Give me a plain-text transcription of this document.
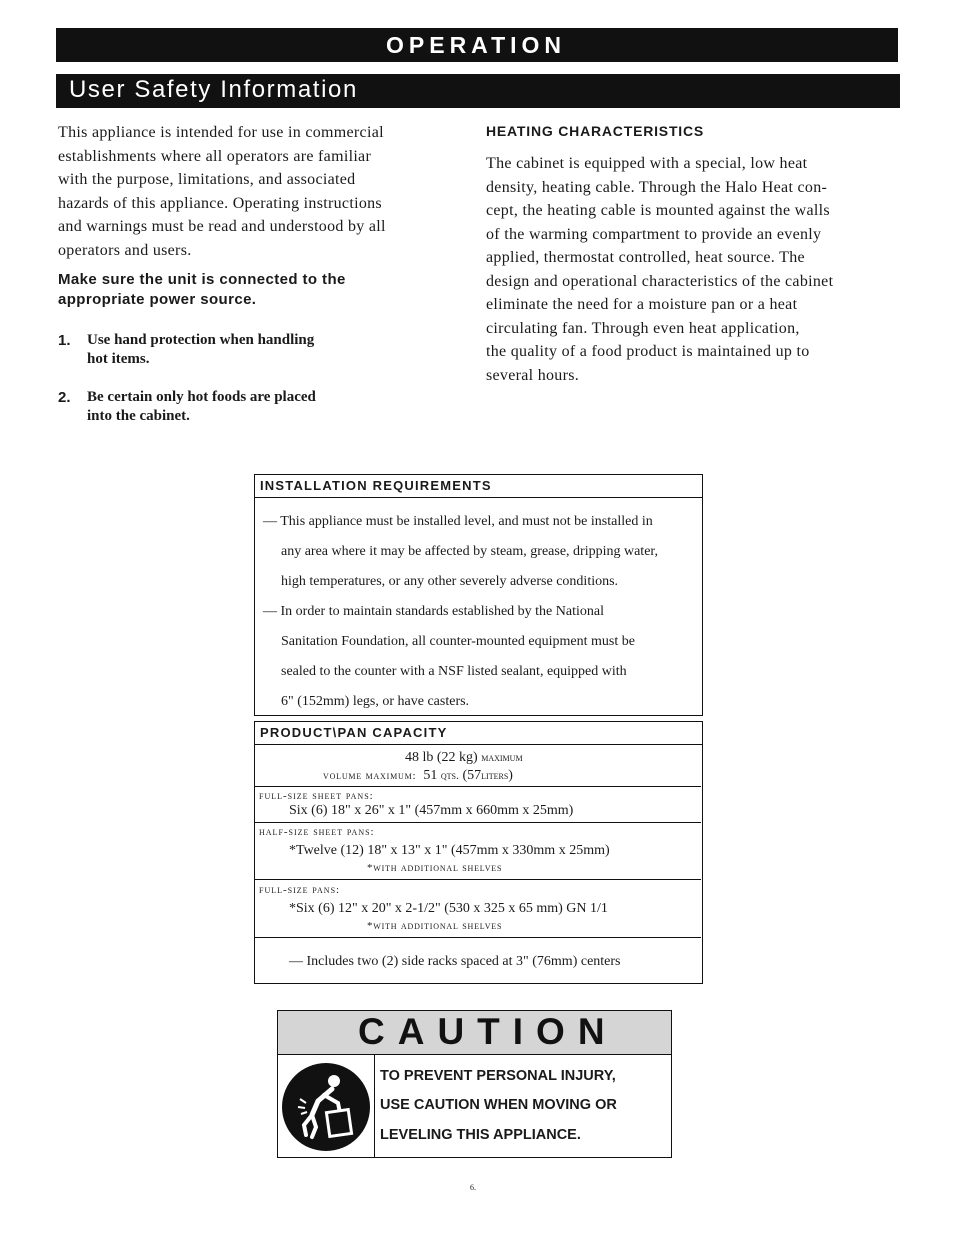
OPERATION
User Safety Information
This appliance is intended for use in commercial
establishments where all operators are familiar
with the purpose, limitations, and associated
hazards of this appliance. Operating instructions
and warnings must be read and understood by all
operators and users.
Make sure the unit is connected to the
appropriate power source.
1. Use hand protection when handling
hot items.
2. Be certain only hot foods are placed
into the cabinet.
HEATING CHARACTERISTICS
The cabinet is equipped with a special, low heat
density, heating cable. Through the Halo Heat con-
cept, the heating cable is mounted against the walls
of the warming compartment to provide an evenly
applied, thermostat controlled, heat source. The
design and operational characteristics of the cabinet
eliminate the need for a moisture pan or a heat
circulating fan. Through even heat application,
the quality of a food product is maintained up to
several hours.
INSTALLATION REQUIREMENTS
— This appliance must be installed level, and must not be installed in
any area where it may be affected by steam, grease, dripping water,
high temperatures, or any other severely adverse conditions.
— In order to maintain standards established by the National
Sanitation Foundation, all counter-mounted equipment must be
sealed to the counter with a NSF listed sealant, equipped with
6" (152mm) legs, or have casters.
PRODUCT\PAN CAPACITY
48 lb (22 kg) maximum
volume maximum: 51 qts. (57liters)
full-size sheet pans:
Six (6) 18" x 26" x 1" (457mm x 660mm x 25mm)
half-size sheet pans:
*Twelve (12) 18" x 13" x 1" (457mm x 330mm x 25mm)
*with additional shelves
full-size pans:
*Six (6) 12" x 20" x 2-1/2" (530 x 325 x 65 mm) GN 1/1
*with additional shelves
— Includes two (2) side racks spaced at 3" (76mm) centers
CAUTION
TO PREVENT PERSONAL INJURY,
USE CAUTION WHEN MOVING OR
LEVELING THIS APPLIANCE.
6.
